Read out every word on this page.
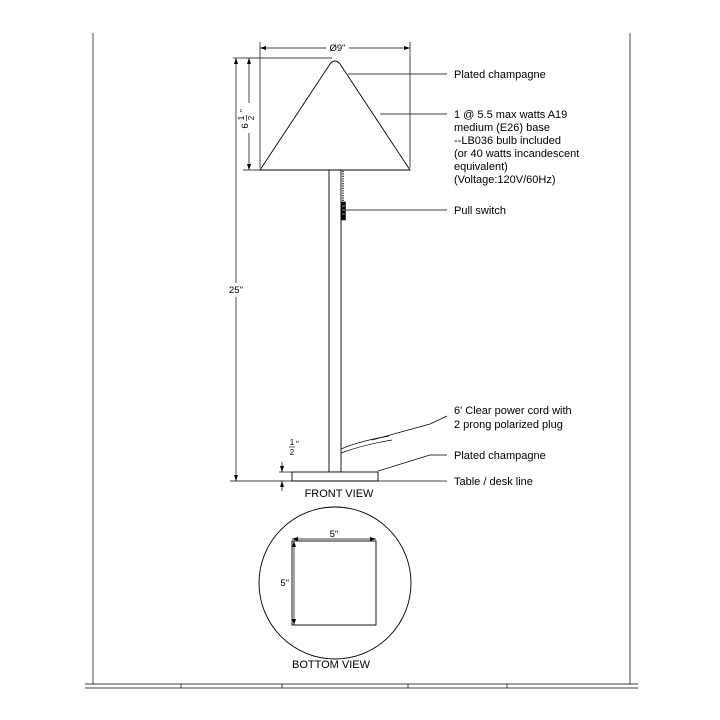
Ø9"
6
1 2
"
25"
1
2
"
Plated champagne
1 @ 5.5 max watts A19
medium (E26) base
--LB036 bulb included
(or 40 watts incandescent
equivalent)
(Voltage:120V/60Hz)
Pull switch
6' Clear power cord with
2 prong polarized plug
Plated champagne
Table / desk line
FRONT VIEW
5"
5"
BOTTOM VIEW
